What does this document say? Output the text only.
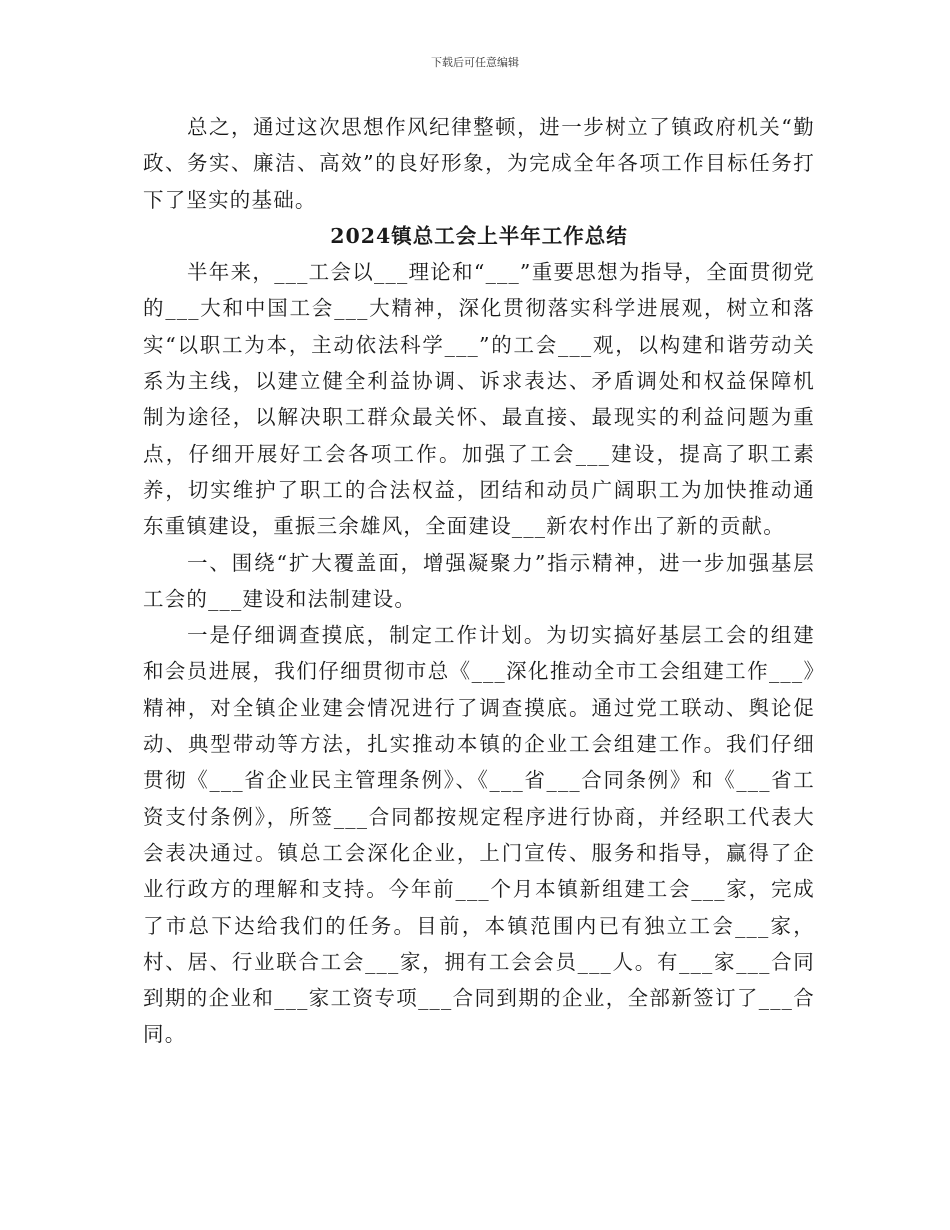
下载后可任意编辑

总之，通过这次思想作风纪律整顿，进一步树立了镇政府机关“勤政、务实、廉洁、高效”的良好形象，为完成全年各项工作目标任务打下了坚实的基础。

2024镇总工会上半年工作总结

半年来，___工会以___理论和“___”重要思想为指导，全面贯彻党的___大和中国工会___大精神，深化贯彻落实科学进展观，树立和落实“以职工为本，主动依法科学___”的工会___观，以构建和谐劳动关系为主线，以建立健全利益协调、诉求表达、矛盾调处和权益保障机制为途径，以解决职工群众最关怀、最直接、最现实的利益问题为重点，仔细开展好工会各项工作。加强了工会___建设，提高了职工素养，切实维护了职工的合法权益，团结和动员广阔职工为加快推动通东重镇建设，重振三余雄风，全面建设___新农村作出了新的贡献。

一、围绕“扩大覆盖面，增强凝聚力”指示精神，进一步加强基层工会的___建设和法制建设。

一是仔细调查摸底，制定工作计划。为切实搞好基层工会的组建和会员进展，我们仔细贯彻市总《___深化推动全市工会组建工作___》精神，对全镇企业建会情况进行了调查摸底。通过党工联动、舆论促动、典型带动等方法，扎实推动本镇的企业工会组建工作。我们仔细贯彻《___省企业民主管理条例》、《___省___合同条例》和《___省工资支付条例》，所签___合同都按规定程序进行协商，并经职工代表大会表决通过。镇总工会深化企业，上门宣传、服务和指导，赢得了企业行政方的理解和支持。今年前___个月本镇新组建工会___家，完成了市总下达给我们的任务。目前，本镇范围内已有独立工会___家，村、居、行业联合工会___家，拥有工会会员___人。有___家___合同到期的企业和___家工资专项___合同到期的企业，全部新签订了___合同。
